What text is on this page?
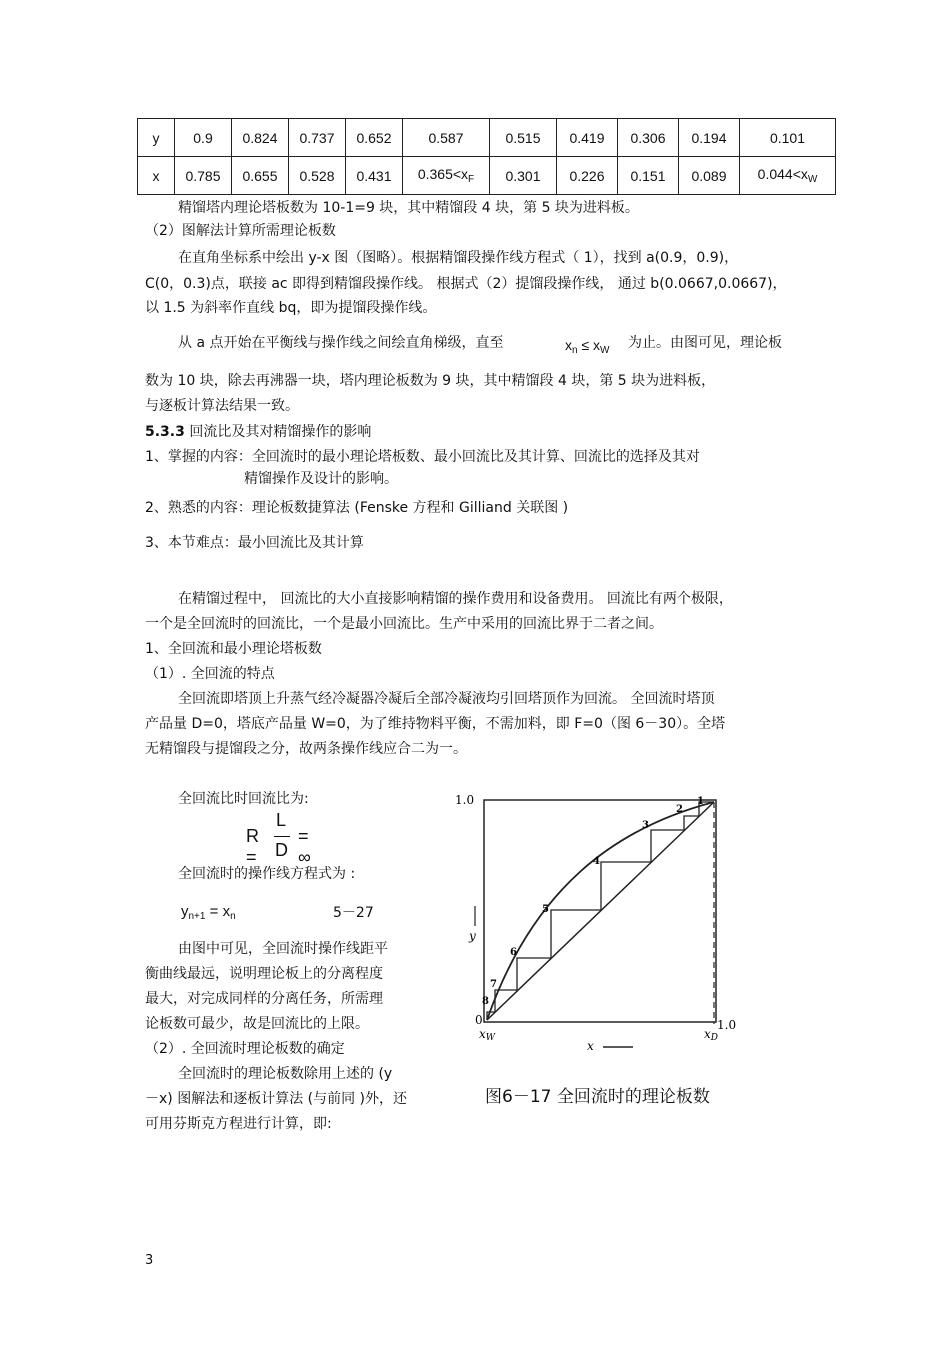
y	0.9	0.824	0.737	0.652	0.587	0.515	0.419	0.306	0.194	0.101
x	0.785	0.655	0.528	0.431	$0.365<x_F$	0.301	0.226	0.151	0.089	$0.044<x_W$
精馏塔内理论塔板数为 10-1=9 块，其中精馏段 4 块，第 5 块为进料板。
（2）图解法计算所需理论板数
在直角坐标系中绘出 y-x 图（图略）。根据精馏段操作线方程式（ 1），找到 a(0.9，0.9)，
C(0，0.3)点，联接 ac 即得到精馏段操作线。 根据式（2）提馏段操作线， 通过 b(0.0667,0.0667)，
以 1.5 为斜率作直线 bq，即为提馏段操作线。
从 a 点开始在平衡线与操作线之间绘直角梯级，直至	$x_n \le x_W$ 为止。由图可见，理论板
数为 10 块，除去再沸器一块，塔内理论板数为 9 块，其中精馏段 4 块，第 5 块为进料板，
与逐板计算法结果一致。
5.3.3 回流比及其对精馏操作的影响
1、掌握的内容：全回流时的最小理论塔板数、最小回流比及其计算、回流比的选择及其对
精馏操作及设计的影响。
2、熟悉的内容：理论板数捷算法 (Fenske 方程和 Gilliand 关联图 )
3、本节难点：最小回流比及其计算
在精馏过程中， 回流比的大小直接影响精馏的操作费用和设备费用。 回流比有两个极限，
一个是全回流时的回流比，一个是最小回流比。生产中采用的回流比界于二者之间。
1、全回流和最小理论塔板数
（1）. 全回流的特点
全回流即塔顶上升蒸气经冷凝器冷凝后全部冷凝液均引回塔顶作为回流。 全回流时塔顶
产品量 D=0，塔底产品量 W=0，为了维持物料平衡，不需加料，即 F=0（图 6－30）。全塔
无精馏段与提馏段之分，故两条操作线应合二为一。
全回流比时回流比为:
R =
L
D
= ∞
全回流时的操作线方程式为 :
$y_{n+1} = x_n$	5－27
由图中可见，全回流时操作线距平
衡曲线最远，说明理论板上的分离程度
最大，对完成同样的分离任务，所需理
论板数可最少，故是回流比的上限。
（2）. 全回流时理论板数的确定
全回流时的理论板数除用上述的 (y
－x) 图解法和逐板计算法 (与前同 )外，还
可用芬斯克方程进行计算，即:
1.0
1.0
0
y
x
xW	xD
1
2
3
4
5
6
7
8
图6－17 全回流时的理论板数
3
